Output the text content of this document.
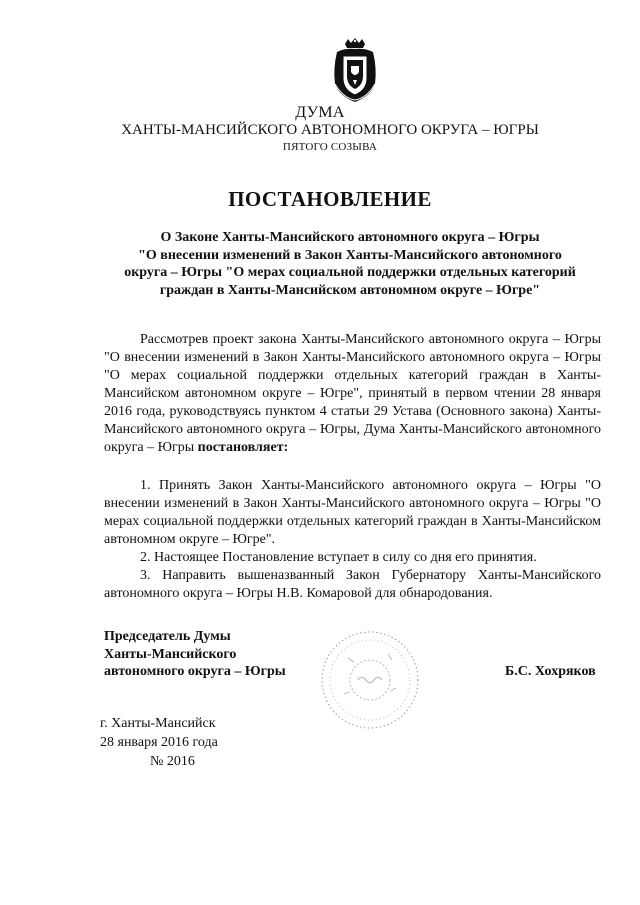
ДУМА
ХАНТЫ-МАНСИЙСКОГО АВТОНОМНОГО ОКРУГА – ЮГРЫ
ПЯТОГО СОЗЫВА
ПОСТАНОВЛЕНИЕ
О Законе Ханты-Мансийского автономного округа – Югры
"О внесении изменений в Закон Ханты-Мансийского автономного
округа – Югры "О мерах социальной поддержки отдельных категорий
граждан в Ханты-Мансийском автономном округе – Югре"

Рассмотрев проект закона Ханты-Мансийского автономного округа – Югры "О внесении изменений в Закон Ханты-Мансийского автономного округа – Югры "О мерах социальной поддержки отдельных категорий граждан в Ханты-Мансийском автономном округе – Югре", принятый в первом чтении 28 января 2016 года, руководствуясь пунктом 4 статьи 29 Устава (Основного закона) Ханты-Мансийского автономного округа – Югры, Дума Ханты-Мансийского автономного округа – Югры постановляет:

1. Принять Закон Ханты-Мансийского автономного округа – Югры "О внесении изменений в Закон Ханты-Мансийского автономного округа – Югры "О мерах социальной поддержки отдельных категорий граждан в Ханты-Мансийском автономном округе – Югре".

2. Настоящее Постановление вступает в силу со дня его принятия.

3. Направить вышеназванный Закон Губернатору Ханты-Мансийского автономного округа – Югры Н.В. Комаровой для обнародования.

Председатель Думы
Ханты-Мансийского
автономного округа – Югры	Б.С. Хохряков
г. Ханты-Мансийск
28 января 2016 года
№ 2016
